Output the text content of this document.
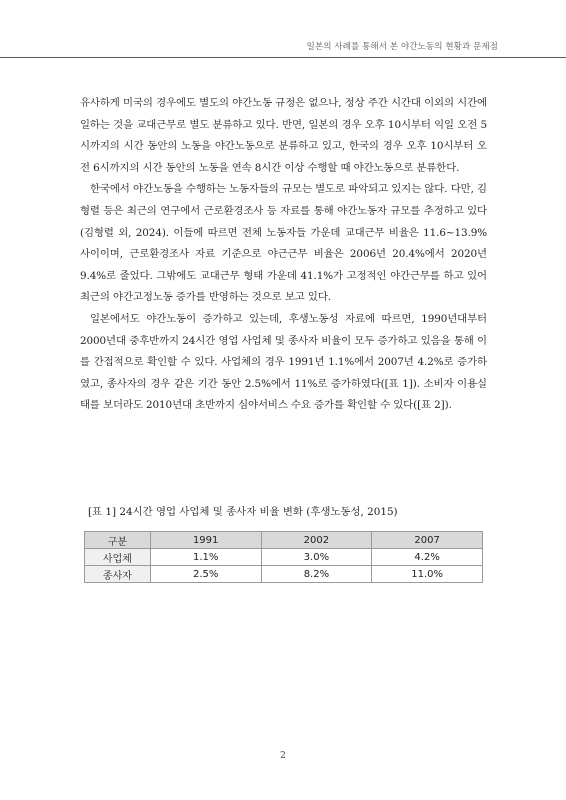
일본의 사례를 통해서 본 야간노동의 현황과 문제점

유사하게 미국의 경우에도 별도의 야간노동 규정은 없으나, 정상 주간 시간대 이외의 시간에 일하는 것을 교대근무로 별도 분류하고 있다. 반면, 일본의 경우 오후 10시부터 익일 오전 5시까지의 시간 동안의 노동을 야간노동으로 분류하고 있고, 한국의 경우 오후 10시부터 오전 6시까지의 시간 동안의 노동을 연속 8시간 이상 수행할 때 야간노동으로 분류한다.

한국에서 야간노동을 수행하는 노동자들의 규모는 별도로 파악되고 있지는 않다. 다만, 김형렬 등은 최근의 연구에서 근로환경조사 등 자료를 통해 야간노동자 규모를 추정하고 있다(김형렬 외, 2024). 이들에 따르면 전체 노동자들 가운데 교대근무 비율은 11.6~13.9% 사이이며, 근로환경조사 자료 기준으로 야근근무 비율은 2006년 20.4%에서 2020년 9.4%로 줄었다. 그밖에도 교대근무 형태 가운데 41.1%가 고정적인 야간근무를 하고 있어 최근의 야간고정노동 증가를 반영하는 것으로 보고 있다.

일본에서도 야간노동이 증가하고 있는데, 후생노동성 자료에 따르면, 1990년대부터 2000년대 중후반까지 24시간 영업 사업체 및 종사자 비율이 모두 증가하고 있음을 통해 이를 간접적으로 확인할 수 있다. 사업체의 경우 1991년 1.1%에서 2007년 4.2%로 증가하였고, 종사자의 경우 같은 기간 동안 2.5%에서 11%로 증가하였다([표 1]). 소비자 이용실태를 보더라도 2010년대 초반까지 심야서비스 수요 증가를 확인할 수 있다([표 2]).

[표 1] 24시간 영업 사업체 및 종사자 비율 변화 (후생노동성, 2015)
구분	1991	2002	2007
사업체	1.1%	3.0%	4.2%
종사자	2.5%	8.2%	11.0%
2
